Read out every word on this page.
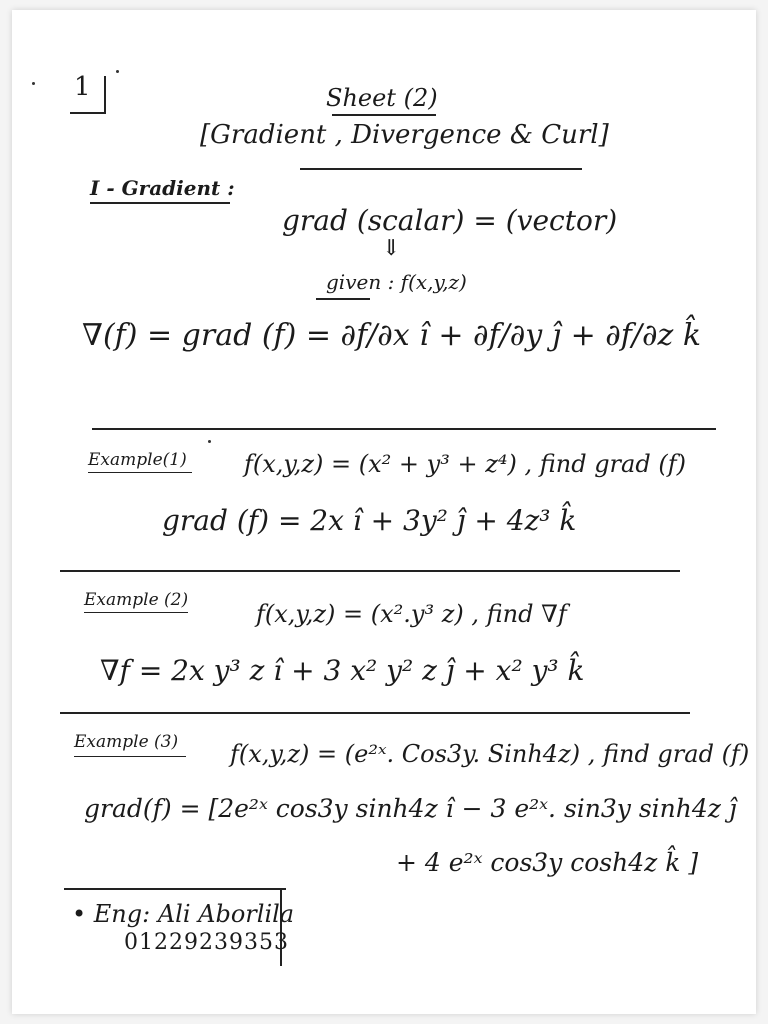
1	Sheet (2)
[Gradient , Divergence & Curl]
I - Gradient :
grad (scalar) = (vector)
⇓
given : f(x,y,z)
∇(f) = grad (f) = ∂f/∂x î + ∂f/∂y ĵ + ∂f/∂z k̂
Example(1) f(x,y,z) = (x² + y³ + z⁴) , find grad (f)
grad (f) = 2x î + 3y² ĵ + 4z³ k̂
Example (2)	f(x,y,z) = (x².y³ z) , find ∇f
∇f = 2x y³ z î + 3 x² y² z ĵ + x² y³ k̂
Example (3) f(x,y,z) = (e²ˣ. Cos3y. Sinh4z) , find grad (f)
grad(f) = [2e²ˣ cos3y sinh4z î − 3 e²ˣ. sin3y sinh4z ĵ
+ 4 e²ˣ cos3y cosh4z k̂ ]
• Eng: Ali Aborlila
01229239353
